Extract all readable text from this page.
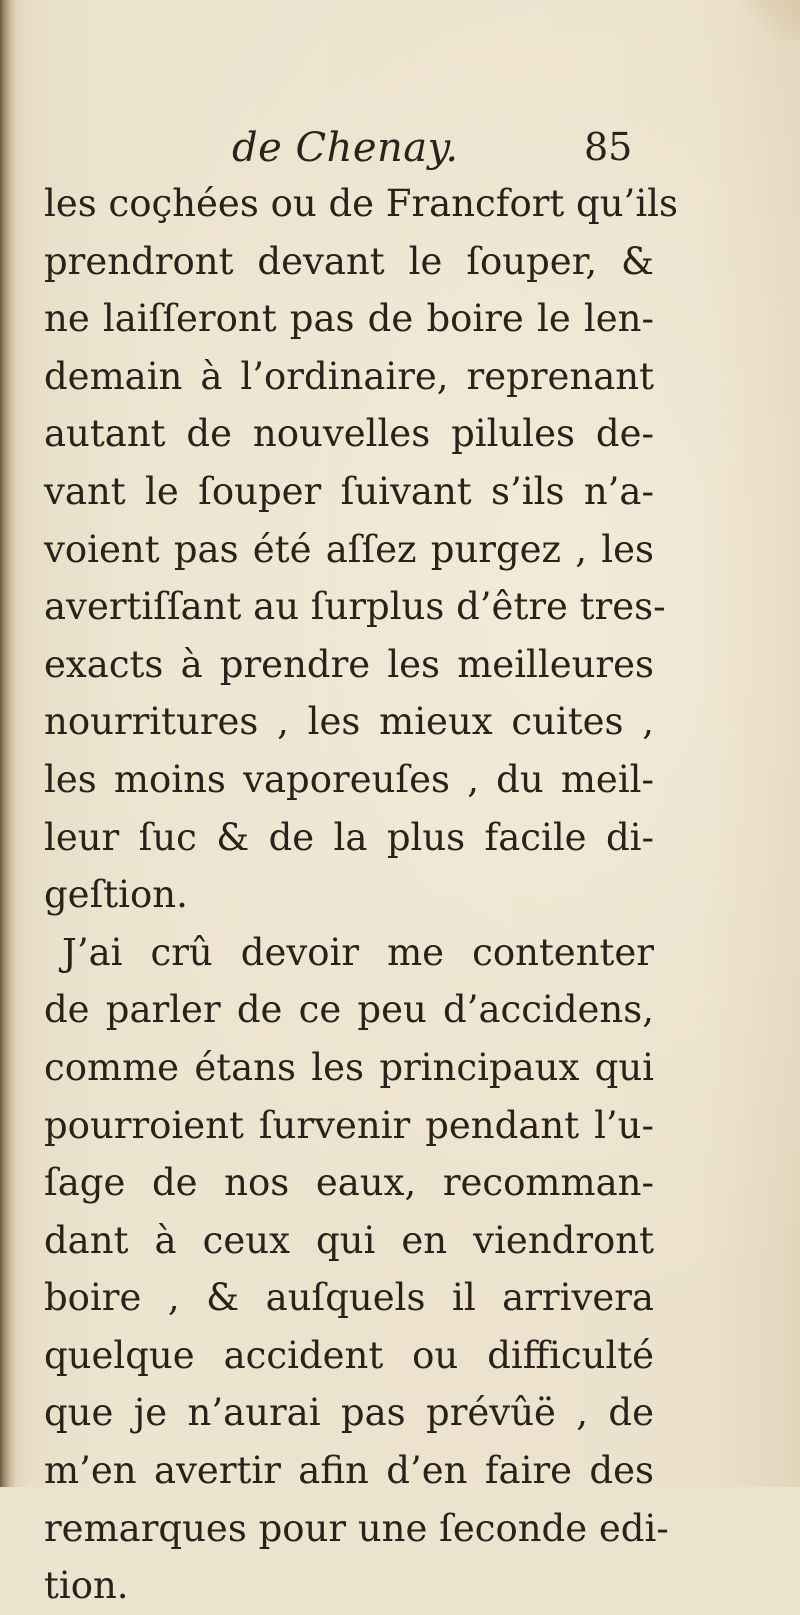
de Chenay.	85
les coçhées ou de Francfort qu’ils
prendront devant le ſouper, &
ne laiſſeront pas de boire le len-
demain à l’ordinaire, reprenant
autant de nouvelles pilules de-
vant le ſouper ſuivant s’ils n’a-
voient pas été aſſez purgez , les
avertiſſant au ſurplus d’être tres-
exacts à prendre les meilleures
nourritures , les mieux cuites ,
les moins vaporeuſes , du meil-
leur ſuc & de la plus facile di-
geſtion.
J’ai crû devoir me contenter
de parler de ce peu d’accidens,
comme étans les principaux qui
pourroient ſurvenir pendant l’u-
ſage de nos eaux, recomman-
dant à ceux qui en viendront
boire , & auſquels il arrivera
quelque accident ou difficulté
que je n’aurai pas prévûë , de
m’en avertir afin d’en faire des
remarques pour une ſeconde edi-
tion.
